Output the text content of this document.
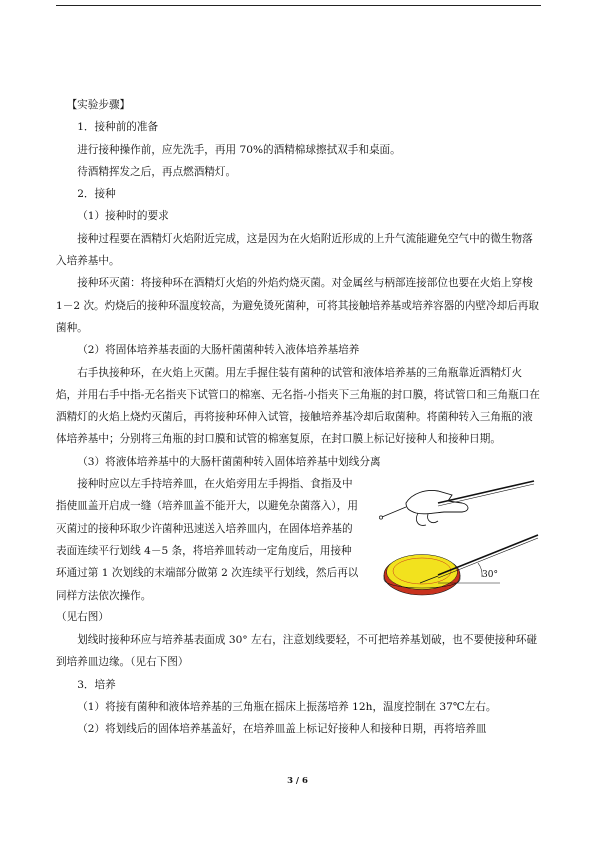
【实验步骤】

1．接种前的准备

进行接种操作前，应先洗手，再用 70%的酒精棉球擦拭双手和桌面。

待酒精挥发之后，再点燃酒精灯。

2．接种

（1）接种时的要求

接种过程要在酒精灯火焰附近完成，这是因为在火焰附近形成的上升气流能避免空气中的微生物落入培养基中。

接种环灭菌：将接种环在酒精灯火焰的外焰灼烧灭菌。对金属丝与柄部连接部位也要在火焰上穿梭 1－2 次。灼烧后的接种环温度较高，为避免烫死菌种，可将其接触培养基或培养容器的内壁冷却后再取菌种。

（2）将固体培养基表面的大肠杆菌菌种转入液体培养基培养

右手执接种环，在火焰上灭菌。用左手握住装有菌种的试管和液体培养基的三角瓶靠近酒精灯火焰，并用右手中指-无名指夹下试管口的棉塞、无名指-小指夹下三角瓶的封口膜，将试管口和三角瓶口在酒精灯的火焰上烧灼灭菌后，再将接种环伸入试管，接触培养基冷却后取菌种。将菌种转入三角瓶的液体培养基中；分别将三角瓶的封口膜和试管的棉塞复原，在封口膜上标记好接种人和接种日期。

（3）将液体培养基中的大肠杆菌菌种转入固体培养基中划线分离

接种时应以左手持培养皿，在火焰旁用左手拇指、食指及中指使皿盖开启成一缝（培养皿盖不能开大，以避免杂菌落入），用灭菌过的接种环取少许菌种迅速送入培养皿内，在固体培养基的表面连续平行划线 4－5 条，将培养皿转动一定角度后，用接种环通过第 1 次划线的末端部分做第 2 次连续平行划线，然后再以同样方法依次操作。

30°

（见右图）

划线时接种环应与培养基表面成 30° 左右，注意划线要轻，不可把培养基划破，也不要使接种环碰到培养皿边缘。（见右下图）

3．培养

（1）将接有菌种和液体培养基的三角瓶在摇床上振荡培养 12h，温度控制在 37℃左右。

（2）将划线后的固体培养基盖好，在培养皿盖上标记好接种人和接种日期，再将培养皿

3 / 6
